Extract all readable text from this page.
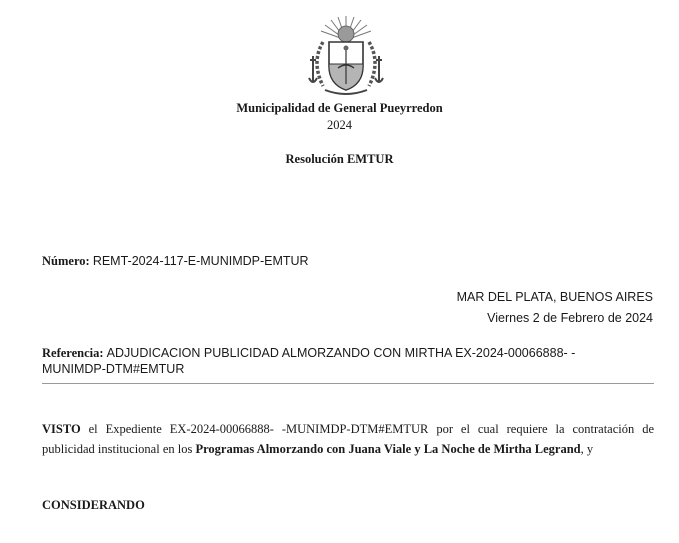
Municipalidad de General Pueyrredon
2024
Resolución EMTUR
Número: REMT-2024-117-E-MUNIMDP-EMTUR
MAR DEL PLATA, BUENOS AIRES
Viernes 2 de Febrero de 2024
Referencia: ADJUDICACION PUBLICIDAD ALMORZANDO CON MIRTHA EX-2024-00066888- -
MUNIMDP-DTM#EMTUR
VISTO el Expediente EX-2024-00066888- -MUNIMDP-DTM#EMTUR por el cual requiere la contratación de publicidad institucional en los Programas Almorzando con Juana Viale y La Noche de Mirtha Legrand, y
CONSIDERANDO
